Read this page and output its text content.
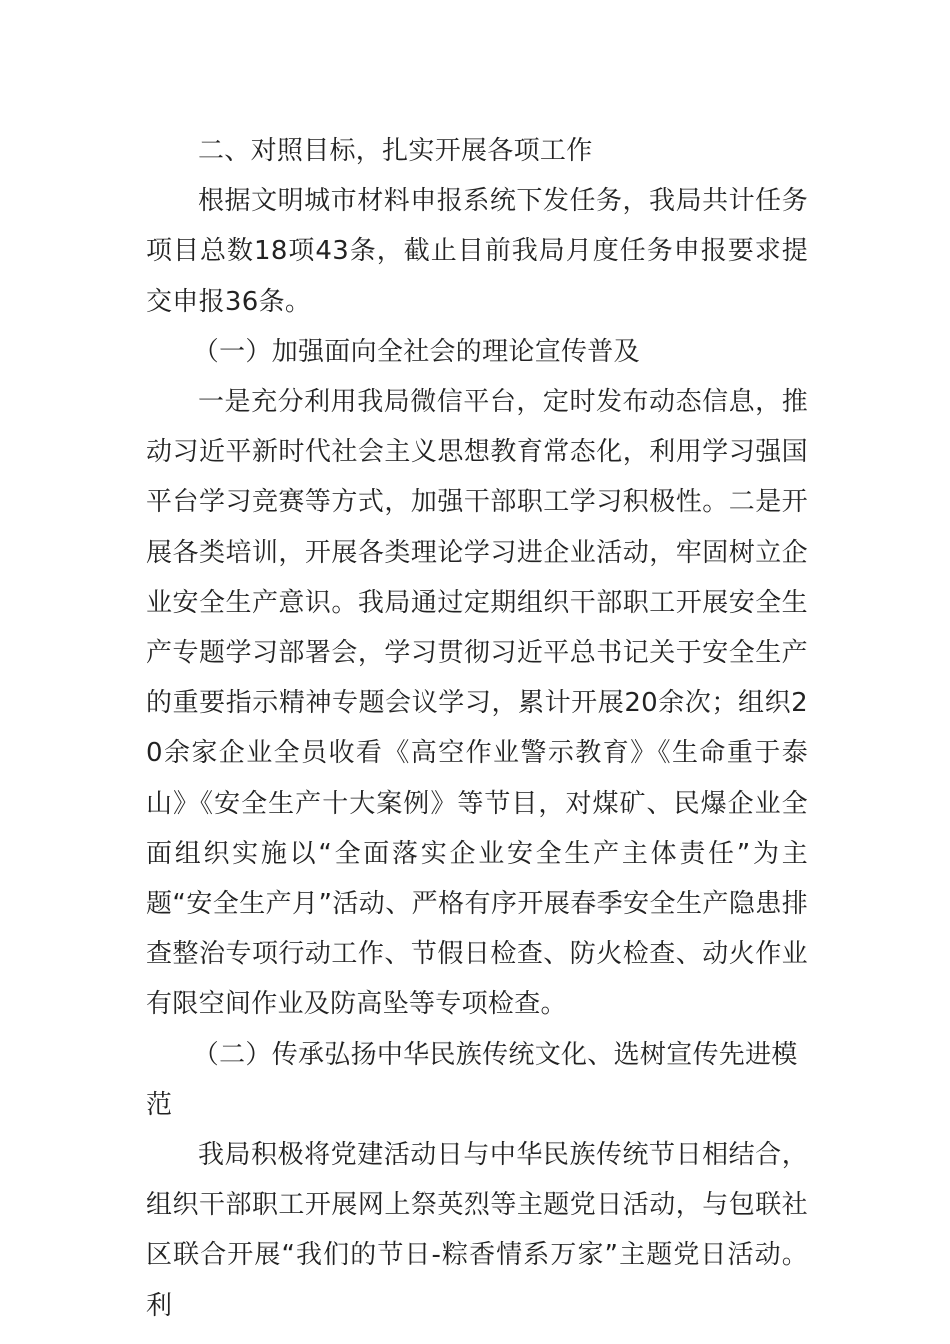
二、对照目标，扎实开展各项工作

根据文明城市材料申报系统下发任务，我局共计任务项目总数18项43条，截止目前我局月度任务申报要求提交申报36条。

（一）加强面向全社会的理论宣传普及

一是充分利用我局微信平台，定时发布动态信息，推动习近平新时代社会主义思想教育常态化，利用学习强国平台学习竞赛等方式，加强干部职工学习积极性。二是开展各类培训，开展各类理论学习进企业活动，牢固树立企业安全生产意识。我局通过定期组织干部职工开展安全生产专题学习部署会，学习贯彻习近平总书记关于安全生产的重要指示精神专题会议学习，累计开展20余次；组织20余家企业全员收看《高空作业警示教育》《生命重于泰山》《安全生产十大案例》等节目，对煤矿、民爆企业全面组织实施以“全面落实企业安全生产主体责任”为主题“安全生产月”活动、严格有序开展春季安全生产隐患排查整治专项行动工作、节假日检查、防火检查、动火作业有限空间作业及防高坠等专项检查。

（二）传承弘扬中华民族传统文化、选树宣传先进模范

我局积极将党建活动日与中华民族传统节日相结合，组织干部职工开展网上祭英烈等主题党日活动，与包联社区联合开展“我们的节日-粽香情系万家”主题党日活动。利
